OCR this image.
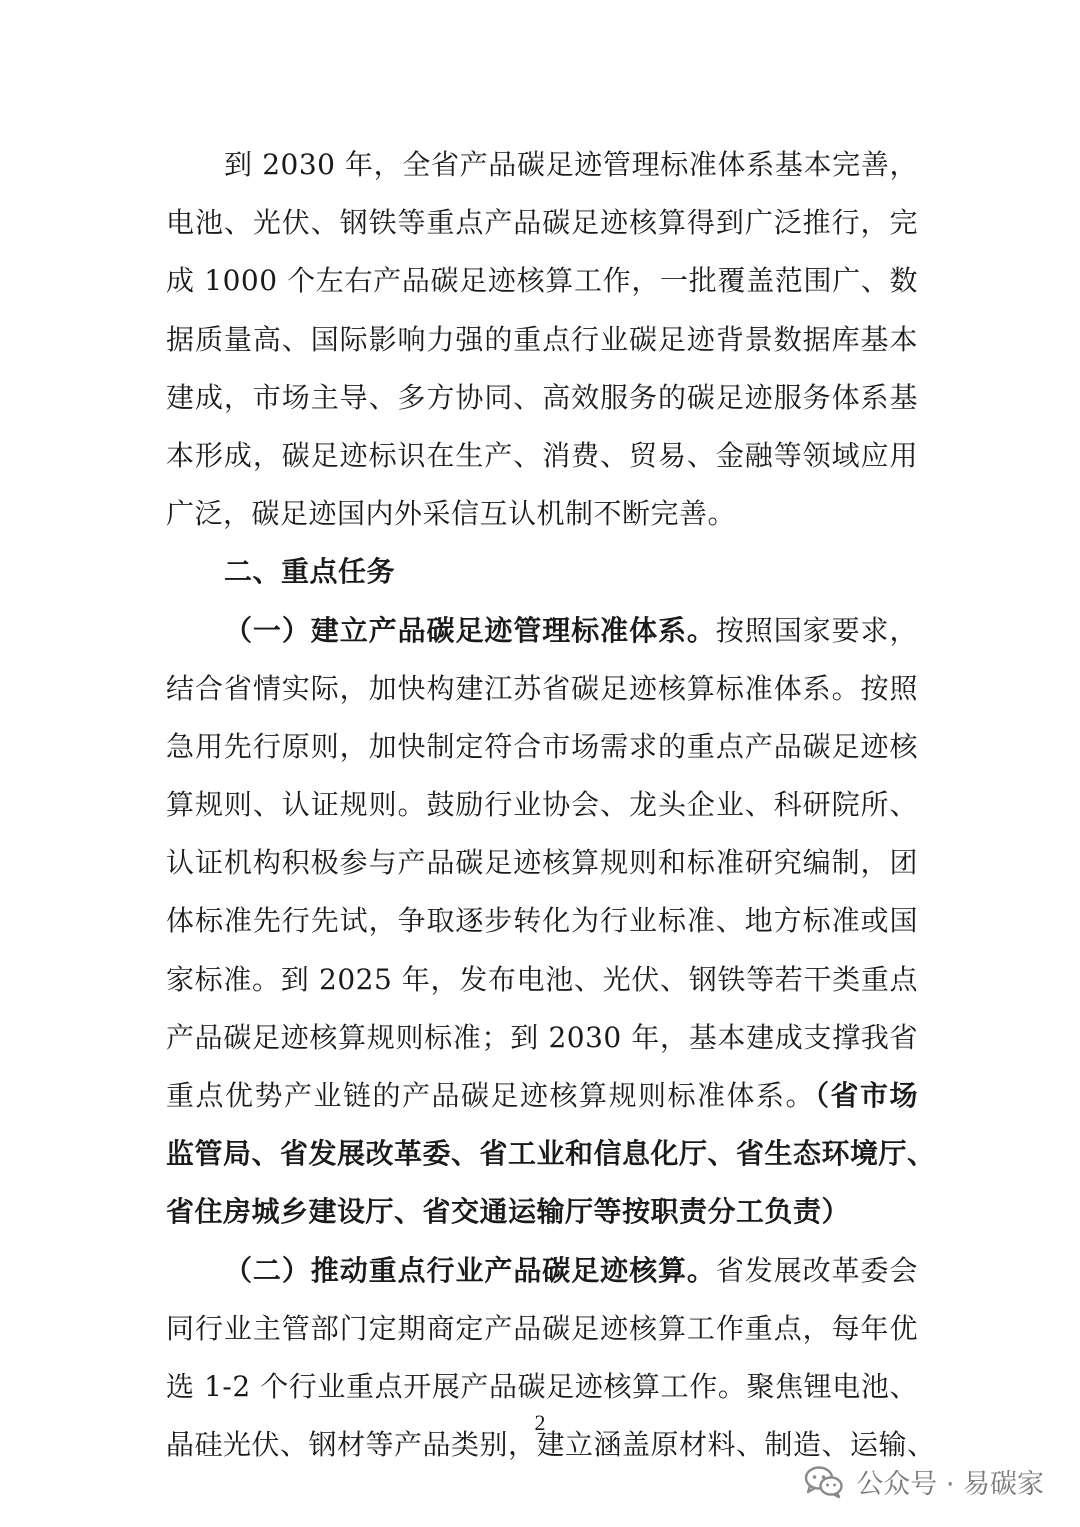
到 2030 年，全省产品碳足迹管理标准体系基本完善，
电池、光伏、钢铁等重点产品碳足迹核算得到广泛推行，完
成 1000 个左右产品碳足迹核算工作，一批覆盖范围广、数
据质量高、国际影响力强的重点行业碳足迹背景数据库基本
建成，市场主导、多方协同、高效服务的碳足迹服务体系基
本形成，碳足迹标识在生产、消费、贸易、金融等领域应用
广泛，碳足迹国内外采信互认机制不断完善。
二、重点任务
（一）建立产品碳足迹管理标准体系。按照国家要求，
结合省情实际，加快构建江苏省碳足迹核算标准体系。按照
急用先行原则，加快制定符合市场需求的重点产品碳足迹核
算规则、认证规则。鼓励行业协会、龙头企业、科研院所、
认证机构积极参与产品碳足迹核算规则和标准研究编制，团
体标准先行先试，争取逐步转化为行业标准、地方标准或国
家标准。到 2025 年，发布电池、光伏、钢铁等若干类重点
产品碳足迹核算规则标准；到 2030 年，基本建成支撑我省
重点优势产业链的产品碳足迹核算规则标准体系。（省市场
监管局、省发展改革委、省工业和信息化厅、省生态环境厅、
省住房城乡建设厅、省交通运输厅等按职责分工负责）
（二）推动重点行业产品碳足迹核算。省发展改革委会
同行业主管部门定期商定产品碳足迹核算工作重点，每年优
选 1-2 个行业重点开展产品碳足迹核算工作。聚焦锂电池、
晶硅光伏、钢材等产品类别，建立涵盖原材料、制造、运输、
2
公众号 · 易碳家
